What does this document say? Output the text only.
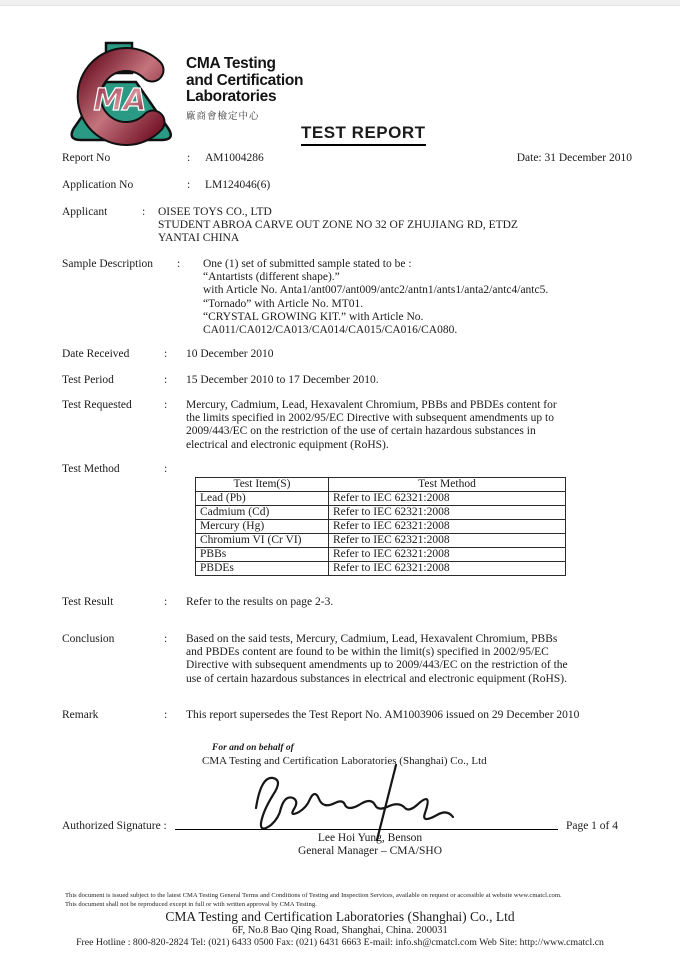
MA
CMA Testing
and Certification
Laboratories
廠商會檢定中心
TEST REPORT
Report No	:	AM1004286	Date: 31 December 2010
Application No	:	LM124046(6)
Applicant	:	OISEE TOYS CO., LTD
STUDENT ABROA CARVE OUT ZONE NO 32 OF ZHUJIANG RD, ETDZ
YANTAI CHINA
Sample Description	:	One (1) set of submitted sample stated to be :
“Antartists (different shape).”
with Article No. Anta1/ant007/ant009/antc2/antn1/ants1/anta2/antc4/antc5.
“Tornado” with Article No. MT01.
“CRYSTAL GROWING KIT.” with Article No.
CA011/CA012/CA013/CA014/CA015/CA016/CA080.
Date Received	:	10 December 2010
Test Period	:	15 December 2010 to 17 December 2010.
Test Requested	:	Mercury, Cadmium, Lead, Hexavalent Chromium, PBBs and PBDEs content for
the limits specified in 2002/95/EC Directive with subsequent amendments up to
2009/443/EC on the restriction of the use of certain hazardous substances in
electrical and electronic equipment (RoHS).
Test Method	:
Test Item(S)	Test Method
Lead (Pb)	Refer to IEC 62321:2008
Cadmium (Cd)	Refer to IEC 62321:2008
Mercury (Hg)	Refer to IEC 62321:2008
Chromium VI (Cr VI)	Refer to IEC 62321:2008
PBBs	Refer to IEC 62321:2008
PBDEs	Refer to IEC 62321:2008
Test Result	:	Refer to the results on page 2-3.
Conclusion	:	Based on the said tests, Mercury, Cadmium, Lead, Hexavalent Chromium, PBBs
and PBDEs content are found to be within the limit(s) specified in 2002/95/EC
Directive with subsequent amendments up to 2009/443/EC on the restriction of the
use of certain hazardous substances in electrical and electronic equipment (RoHS).
Remark	:	This report supersedes the Test Report No. AM1003906 issued on 29 December 2010
For and on behalf of
CMA Testing and Certification Laboratories (Shanghai) Co., Ltd
Authorized Signature :	Page 1 of 4
Lee Hoi Yung, Benson
General Manager – CMA/SHO
This document is issued subject to the latest CMA Testing General Terms and Conditions of Testing and Inspection Services, available on request or accessible at website www.cmatcl.com.
This document shall not be reproduced except in full or with written approval by CMA Testing.
CMA Testing and Certification Laboratories (Shanghai) Co., Ltd
6F, No.8 Bao Qing Road, Shanghai, China. 200031
Free Hotline : 800-820-2824 Tel: (021) 6433 0500 Fax: (021) 6431 6663 E-mail: info.sh@cmatcl.com Web Site: http://www.cmatcl.cn
